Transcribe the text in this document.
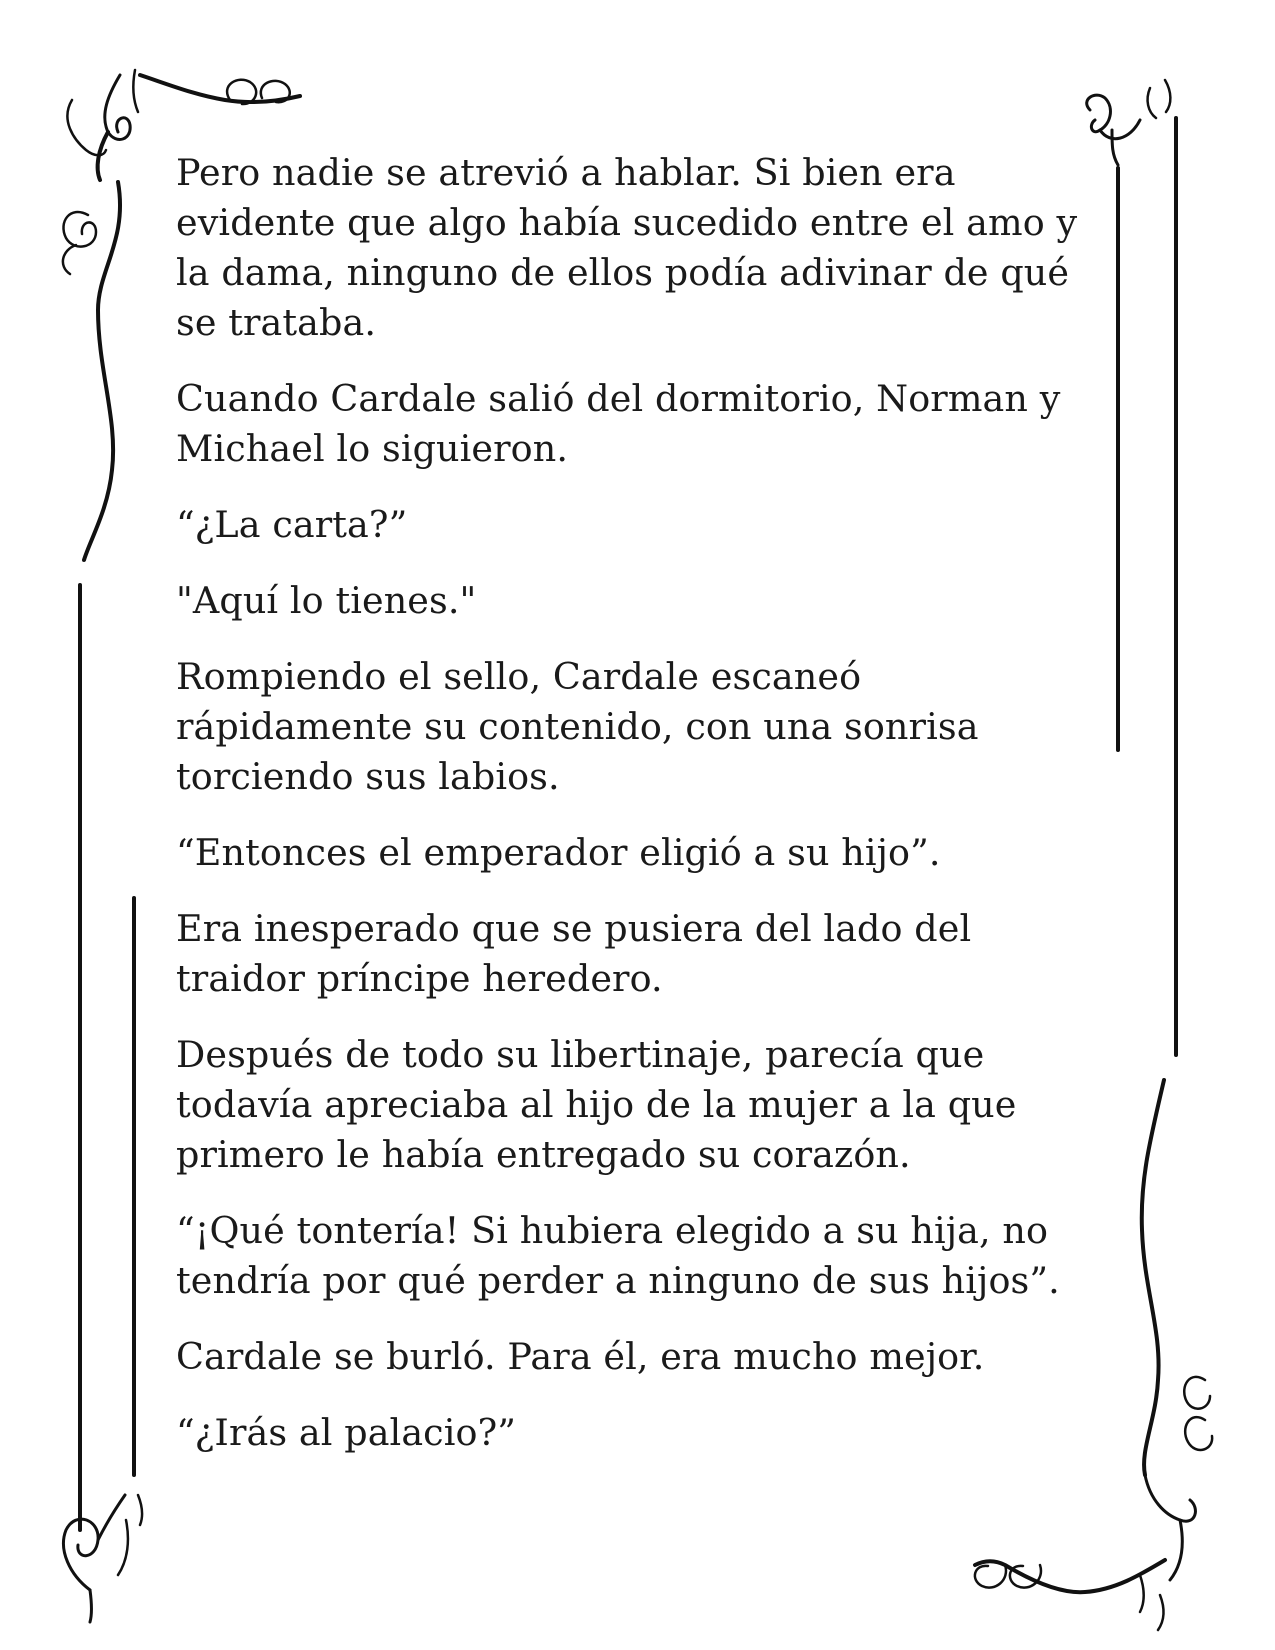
Pero nadie se atrevió a hablar. Si bien era evidente que algo había sucedido entre el amo y la dama, ninguno de ellos podía adivinar de qué se trataba.

Cuando Cardale salió del dormitorio, Norman y Michael lo siguieron.

“¿La carta?”

"Aquí lo tienes."

Rompiendo el sello, Cardale escaneó rápidamente su contenido, con una sonrisa torciendo sus labios.

“Entonces el emperador eligió a su hijo”.

Era inesperado que se pusiera del lado del traidor príncipe heredero.

Después de todo su libertinaje, parecía que todavía apreciaba al hijo de la mujer a la que primero le había entregado su corazón.

“¡Qué tontería! Si hubiera elegido a su hija, no tendría por qué perder a ninguno de sus hijos”.

Cardale se burló. Para él, era mucho mejor.

“¿Irás al palacio?”
